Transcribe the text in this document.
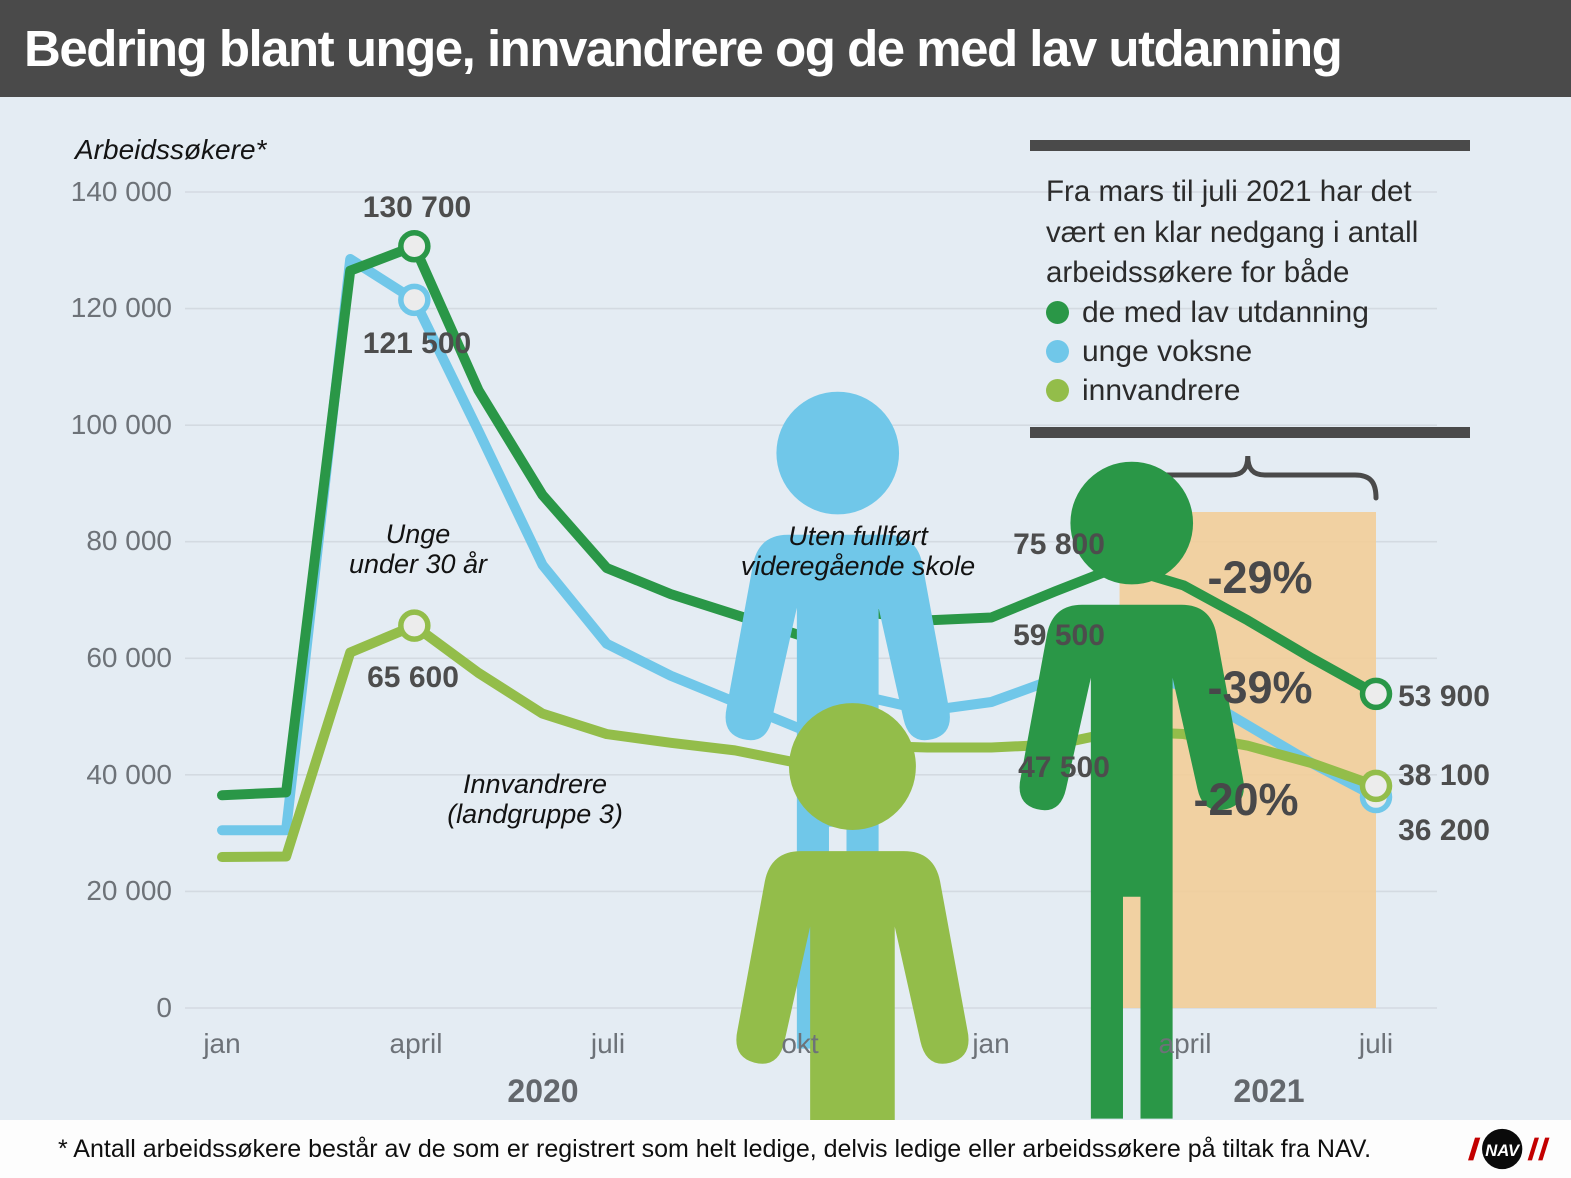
Bedring blant unge, innvandrere og de med lav utdanning
Arbeidssøkere*
140 000
120 000
100 000
80 000
60 000
40 000
20 000
0
jan	april	juli	okt	jan	april	juli
2020	2021
130 700
121 500
65 600
75 800
59 500
47 500
53 900
36 200
38 100
-29%
-39%
-20%
Unge
under 30 år
Uten fullført
videregående skole
Innvandrere
(landgruppe 3)
Fra mars til juli 2021 har det
vært en klar nedgang i antall
arbeidssøkere for både
de med lav utdanning
unge voksne
innvandrere
* Antall arbeidssøkere består av de som er registrert som helt ledige, delvis ledige eller arbeidssøkere på tiltak fra NAV.	NAV
